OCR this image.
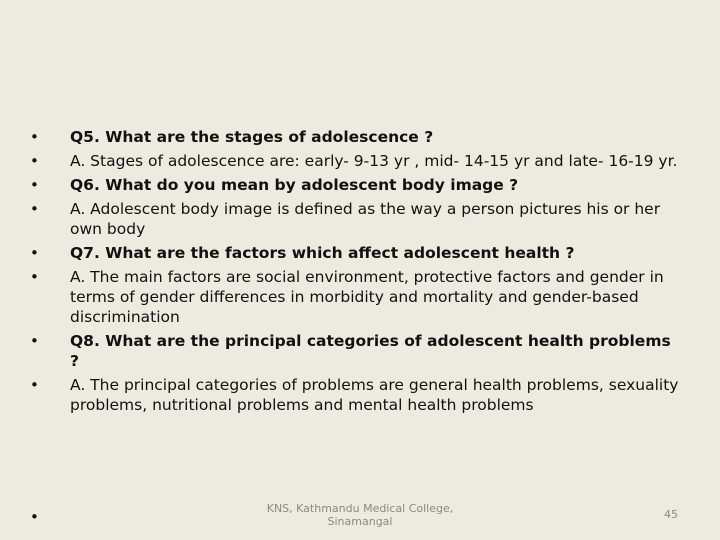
• Q5. What are the stages of adolescence ?
• A. Stages of adolescence are: early- 9-13 yr , mid- 14-15 yr and late- 16-19 yr.
• Q6. What do you mean by adolescent body image ?
• A. Adolescent body image is defined as the way a person pictures his or her own body
• Q7. What are the factors which affect adolescent health ?
• A. The main factors are social environment, protective factors and gender in terms of gender differences in morbidity and mortality and gender-based discrimination
• Q8. What are the principal categories of adolescent health problems ?
• A. The principal categories of problems are general health problems, sexuality problems, nutritional problems and mental health problems
•	KNS, Kathmandu Medical College,
Sinamangal
45
